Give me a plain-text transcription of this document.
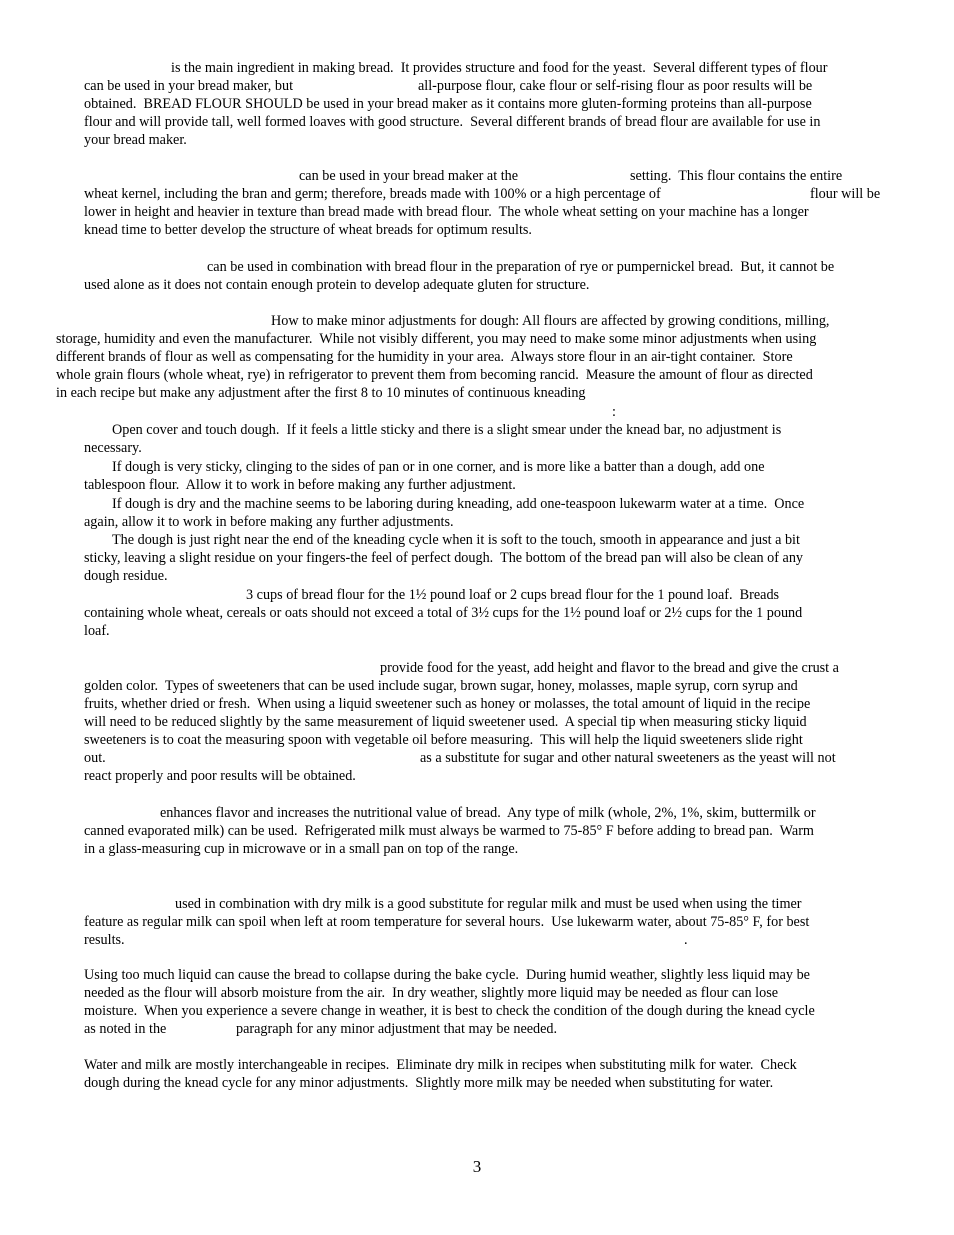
is the main ingredient in making bread.  It provides structure and food for the yeast.  Several different types of flour
can be used in your bread maker, but	all-purpose flour, cake flour or self-rising flour as poor results will be
obtained.  BREAD FLOUR SHOULD be used in your bread maker as it contains more gluten-forming proteins than all-purpose
flour and will provide tall, well formed loaves with good structure.  Several different brands of bread flour are available for use in
your bread maker.
can be used in your bread maker at the	setting.  This flour contains the entire
wheat kernel, including the bran and germ; therefore, breads made with 100% or a high percentage of	flour will be
lower in height and heavier in texture than bread made with bread flour.  The whole wheat setting on your machine has a longer
knead time to better develop the structure of wheat breads for optimum results.
can be used in combination with bread flour in the preparation of rye or pumpernickel bread.  But, it cannot be
used alone as it does not contain enough protein to develop adequate gluten for structure.
How to make minor adjustments for dough: All flours are affected by growing conditions, milling,
storage, humidity and even the manufacturer.  While not visibly different, you may need to make some minor adjustments when using
different brands of flour as well as compensating for the humidity in your area.  Always store flour in an air-tight container.  Store
whole grain flours (whole wheat, rye) in refrigerator to prevent them from becoming rancid.  Measure the amount of flour as directed
in each recipe but make any adjustment after the first 8 to 10 minutes of continuous kneading
:
Open cover and touch dough.  If it feels a little sticky and there is a slight smear under the knead bar, no adjustment is
necessary.
If dough is very sticky, clinging to the sides of pan or in one corner, and is more like a batter than a dough, add one
tablespoon flour.  Allow it to work in before making any further adjustment.
If dough is dry and the machine seems to be laboring during kneading, add one-teaspoon lukewarm water at a time.  Once
again, allow it to work in before making any further adjustments.
The dough is just right near the end of the kneading cycle when it is soft to the touch, smooth in appearance and just a bit
sticky, leaving a slight residue on your fingers-the feel of perfect dough.  The bottom of the bread pan will also be clean of any
dough residue.
3 cups of bread flour for the 1½ pound loaf or 2 cups bread flour for the 1 pound loaf.  Breads
containing whole wheat, cereals or oats should not exceed a total of 3½ cups for the 1½ pound loaf or 2½ cups for the 1 pound
loaf.
provide food for the yeast, add height and flavor to the bread and give the crust a
golden color.  Types of sweeteners that can be used include sugar, brown sugar, honey, molasses, maple syrup, corn syrup and
fruits, whether dried or fresh.  When using a liquid sweetener such as honey or molasses, the total amount of liquid in the recipe
will need to be reduced slightly by the same measurement of liquid sweetener used.  A special tip when measuring sticky liquid
sweeteners is to coat the measuring spoon with vegetable oil before measuring.  This will help the liquid sweeteners slide right
out.	as a substitute for sugar and other natural sweeteners as the yeast will not
react properly and poor results will be obtained.
enhances flavor and increases the nutritional value of bread.  Any type of milk (whole, 2%, 1%, skim, buttermilk or
canned evaporated milk) can be used.  Refrigerated milk must always be warmed to 75-85° F before adding to bread pan.  Warm
in a glass-measuring cup in microwave or in a small pan on top of the range.
used in combination with dry milk is a good substitute for regular milk and must be used when using the timer
feature as regular milk can spoil when left at room temperature for several hours.  Use lukewarm water, about 75-85° F, for best
results.	.
Using too much liquid can cause the bread to collapse during the bake cycle.  During humid weather, slightly less liquid may be
needed as the flour will absorb moisture from the air.  In dry weather, slightly more liquid may be needed as flour can lose
moisture.  When you experience a severe change in weather, it is best to check the condition of the dough during the knead cycle
as noted in the	paragraph for any minor adjustment that may be needed.
Water and milk are mostly interchangeable in recipes.  Eliminate dry milk in recipes when substituting milk for water.  Check
dough during the knead cycle for any minor adjustments.  Slightly more milk may be needed when substituting for water.
3
